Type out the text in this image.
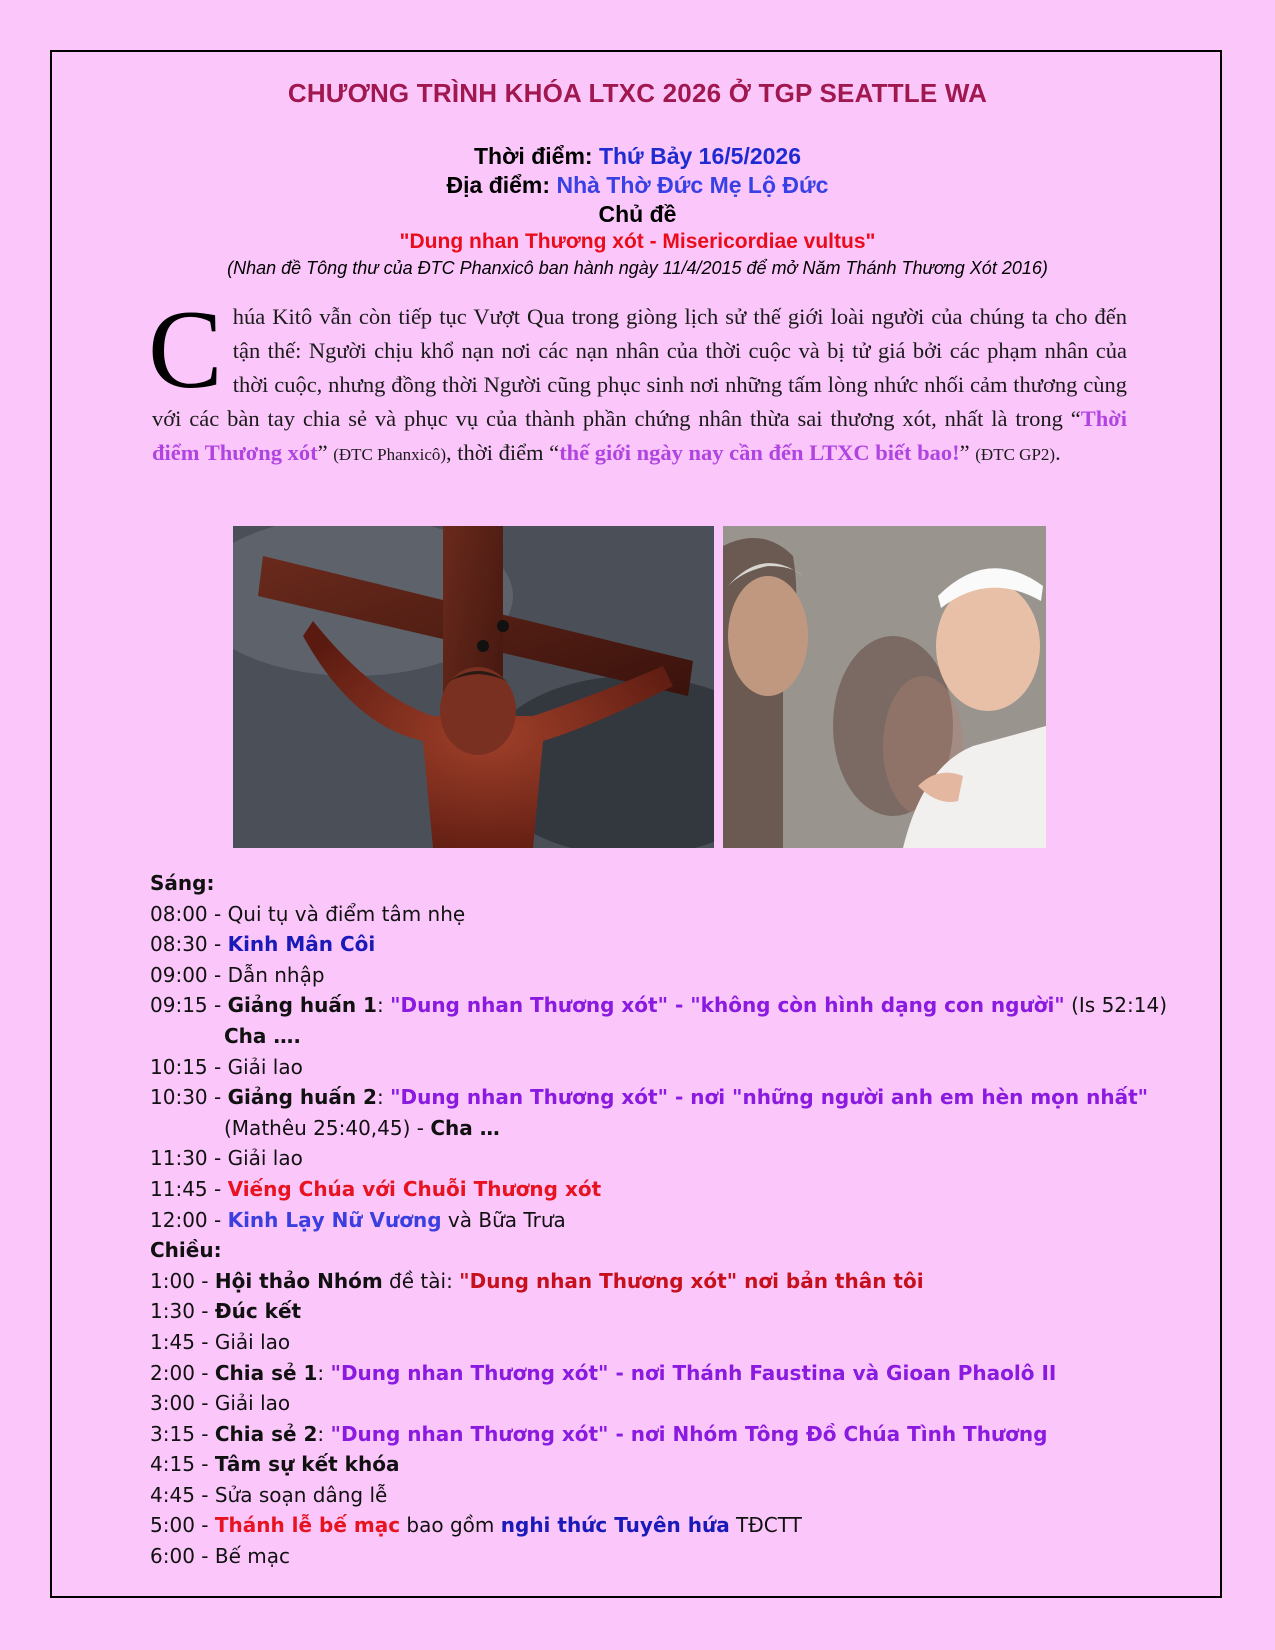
CHƯƠNG TRÌNH KHÓA LTXC 2026 Ở TGP SEATTLE WA
Thời điểm: Thứ Bảy 16/5/2026
Địa điểm: Nhà Thờ Đức Mẹ Lộ Đức
Chủ đề
"Dung nhan Thương xót - Misericordiae vultus"
(Nhan đề Tông thư của ĐTC Phanxicô ban hành ngày 11/4/2015 để mở Năm Thánh Thương Xót 2016)
Chúa Kitô vẫn còn tiếp tục Vượt Qua trong giòng lịch sử thế giới loài người của chúng ta cho đến tận thế: Người chịu khổ nạn nơi các nạn nhân của thời cuộc và bị tử giá bởi các phạm nhân của thời cuộc, nhưng đồng thời Người cũng phục sinh nơi những tấm lòng nhức nhối cảm thương cùng với các bàn tay chia sẻ và phục vụ của thành phần chứng nhân thừa sai thương xót, nhất là trong “Thời điểm Thương xót” (ĐTC Phanxicô), thời điểm “thế giới ngày nay cần đến LTXC biết bao!” (ĐTC GP2).
Sáng:
08:00 - Qui tụ và điểm tâm nhẹ
08:30 - Kinh Mân Côi
09:00 - Dẫn nhập
09:15 - Giảng huấn 1: "Dung nhan Thương xót" - "không còn hình dạng con người" (Is 52:14)
Cha ….
10:15 - Giải lao
10:30 - Giảng huấn 2: "Dung nhan Thương xót" - nơi "những người anh em hèn mọn nhất"
(Mathêu 25:40,45) - Cha …
11:30 - Giải lao
11:45 - Viếng Chúa với Chuỗi Thương xót
12:00 - Kinh Lạy Nữ Vương và Bữa Trưa
Chiều:
1:00 - Hội thảo Nhóm đề tài: "Dung nhan Thương xót" nơi bản thân tôi
1:30 - Đúc kết
1:45 - Giải lao
2:00 - Chia sẻ 1: "Dung nhan Thương xót" - nơi Thánh Faustina và Gioan Phaolô II
3:00 - Giải lao
3:15 - Chia sẻ 2: "Dung nhan Thương xót" - nơi Nhóm Tông Đồ Chúa Tình Thương
4:15 - Tâm sự kết khóa
4:45 - Sửa soạn dâng lễ
5:00 - Thánh lễ bế mạc bao gồm nghi thức Tuyên hứa TĐCTT
6:00 - Bế mạc
